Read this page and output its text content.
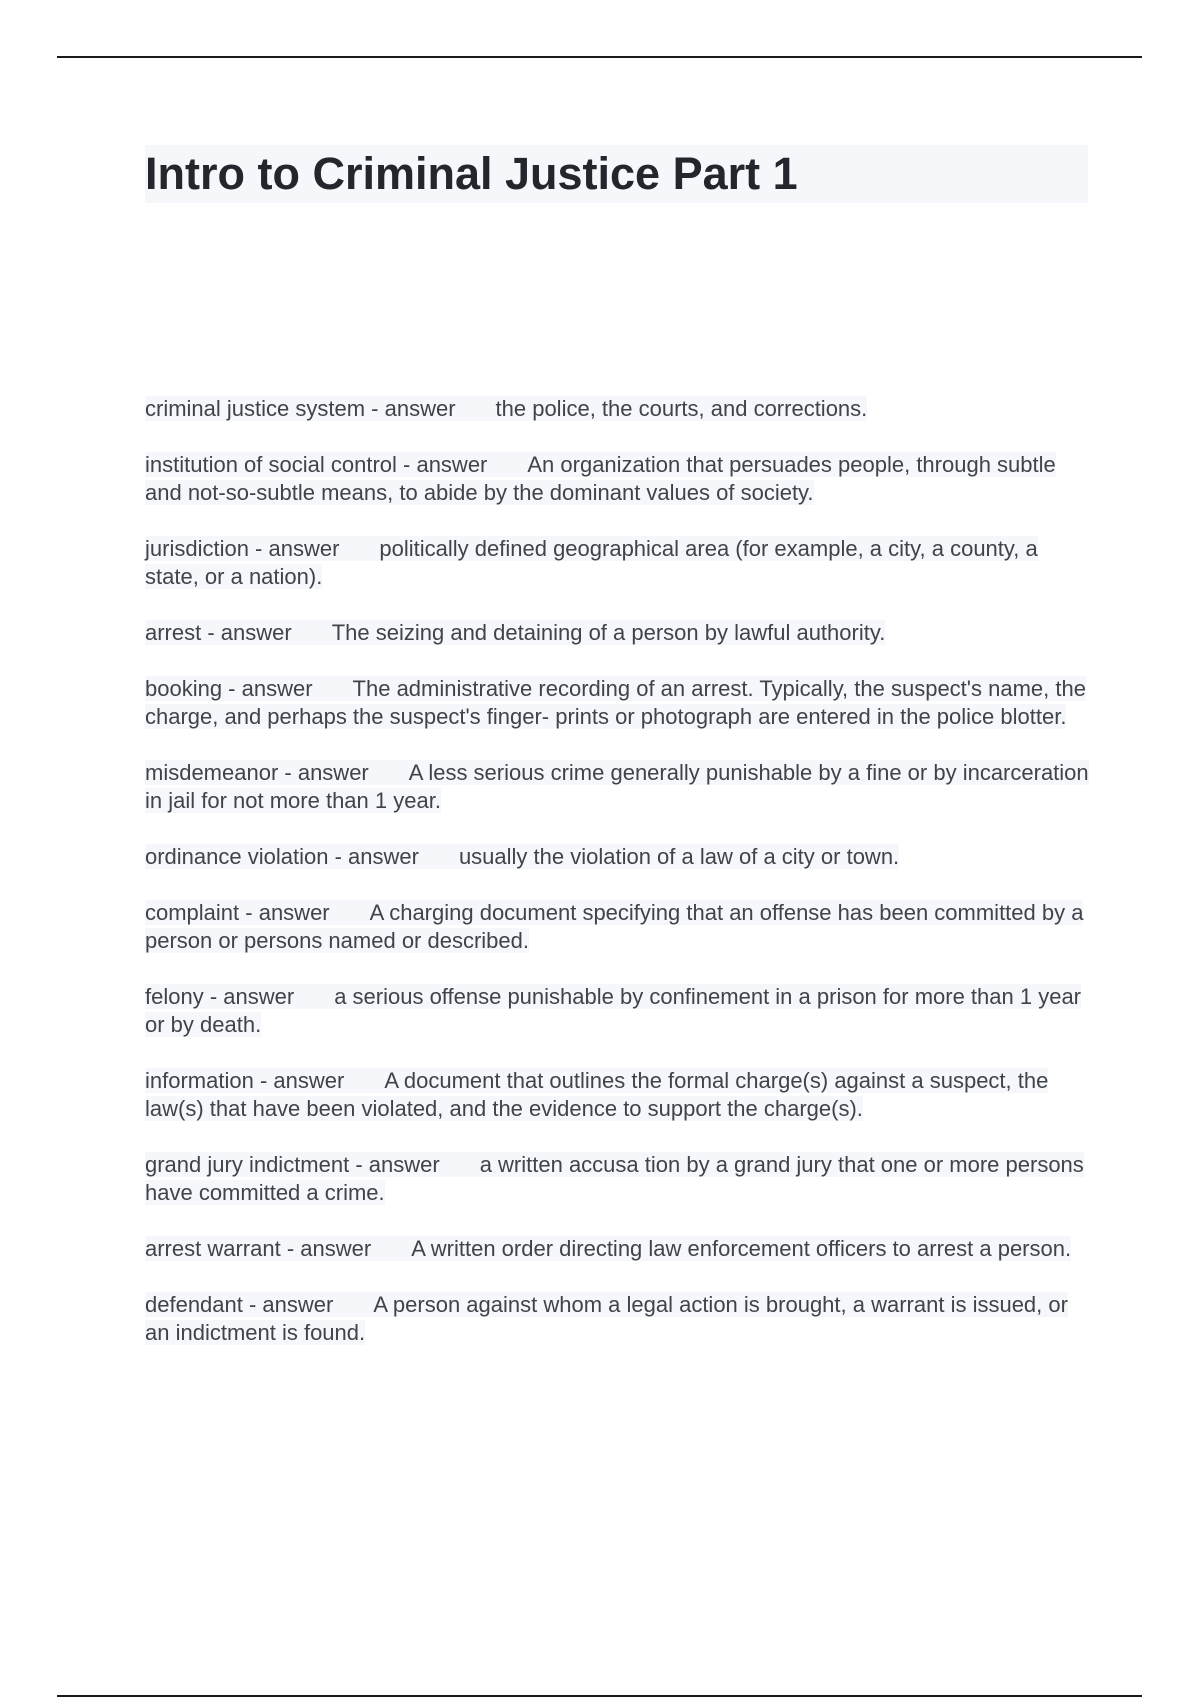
Intro to Criminal Justice Part 1

criminal justice system - answer the police, the courts, and corrections.

institution of social control - answer An organization that persuades people, through subtle and not-so-subtle means, to abide by the dominant values of society.

jurisdiction - answer politically defined geographical area (for example, a city, a county, a state, or a nation).

arrest - answer The seizing and detaining of a person by lawful authority.

booking - answer The administrative recording of an arrest. Typically, the suspect's name, the charge, and perhaps the suspect's finger- prints or photograph are entered in the police blotter.

misdemeanor - answer A less serious crime generally punishable by a fine or by incarceration in jail for not more than 1 year.

ordinance violation - answer usually the violation of a law of a city or town.

complaint - answer A charging document specifying that an offense has been committed by a person or persons named or described.

felony - answer a serious offense punishable by confinement in a prison for more than 1 year or by death.

information - answer A document that outlines the formal charge(s) against a suspect, the law(s) that have been violated, and the evidence to support the charge(s).

grand jury indictment - answer a written accusa tion by a grand jury that one or more persons have committed a crime.

arrest warrant - answer A written order directing law enforcement officers to arrest a person.

defendant - answer A person against whom a legal action is brought, a warrant is issued, or an indictment is found.
